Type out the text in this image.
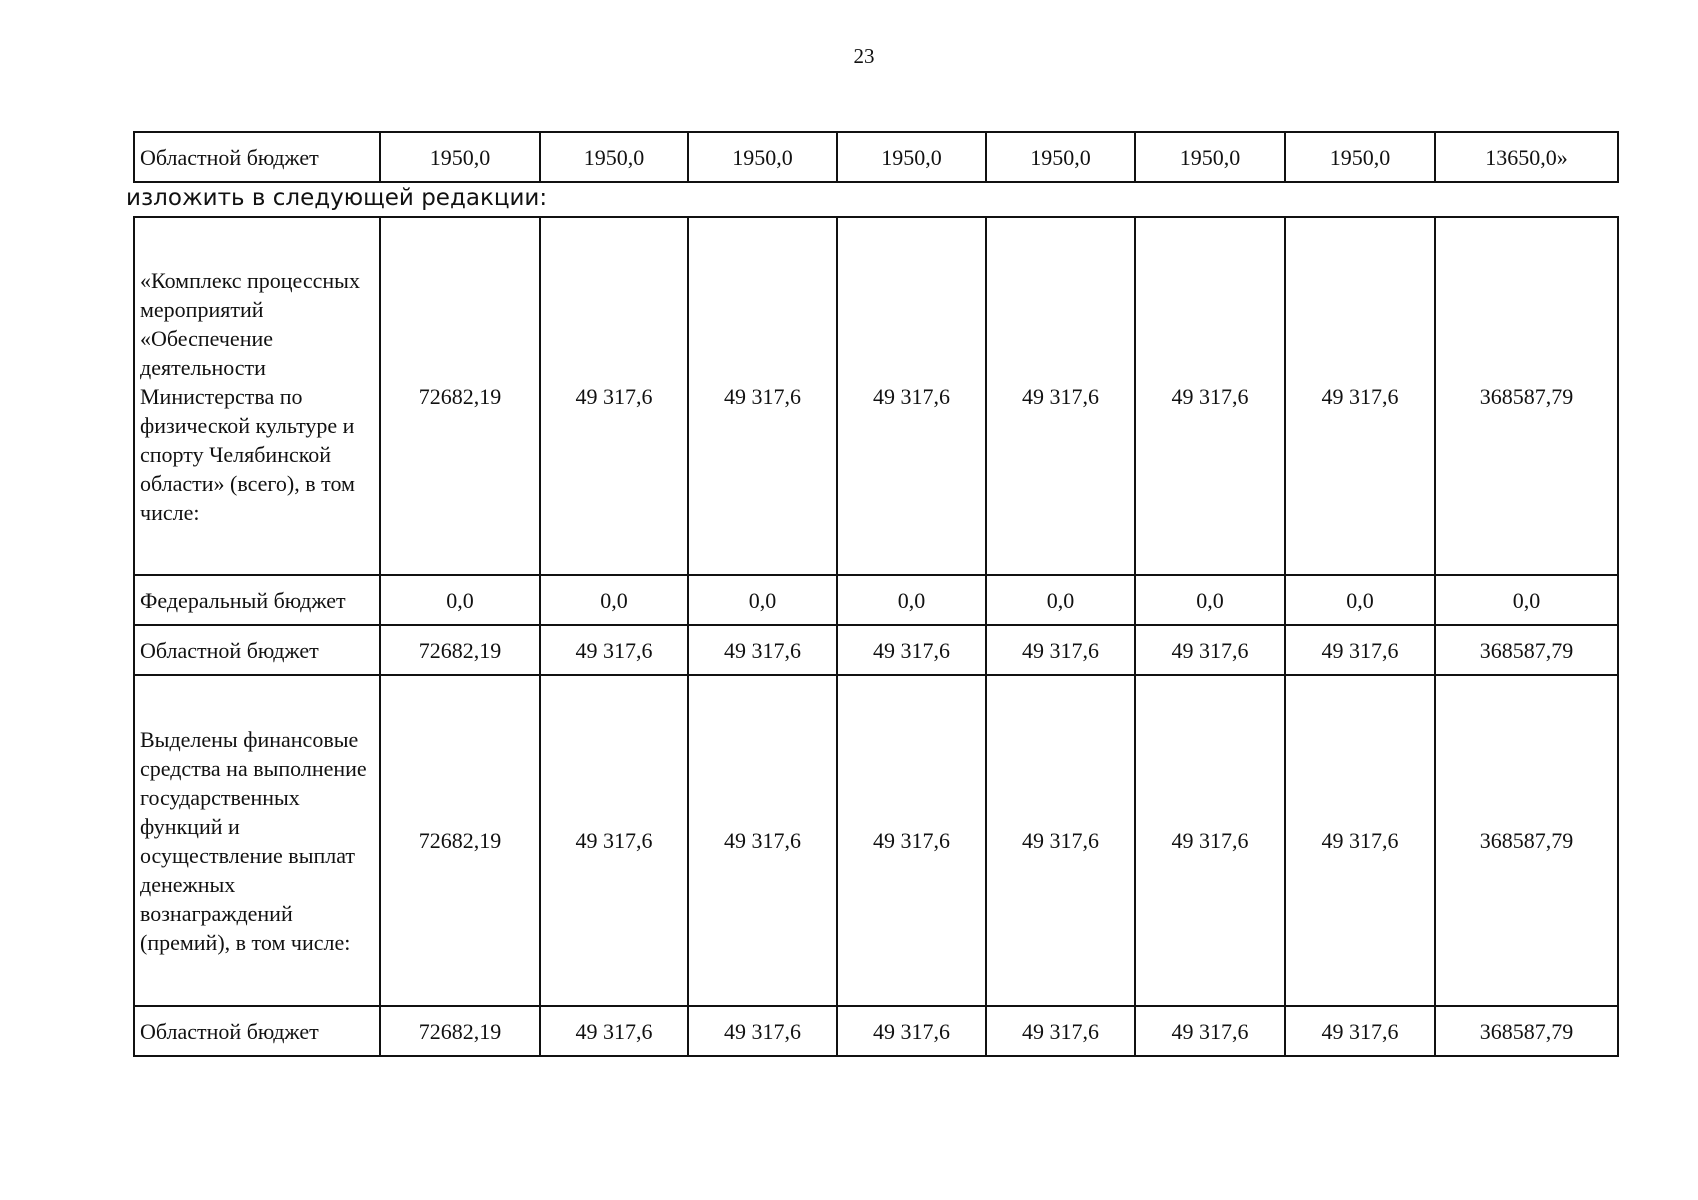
23
Областной бюджет	1950,0	1950,0	1950,0	1950,0	1950,0	1950,0	1950,0	13650,0»
изложить в следующей редакции:
«Комплекс процессных мероприятий «Обеспечение деятельности Министерства по физической культуре и спорту Челябинской области» (всего), в том числе:	72682,19	49 317,6	49 317,6	49 317,6	49 317,6	49 317,6	49 317,6	368587,79
Федеральный бюджет	0,0	0,0	0,0	0,0	0,0	0,0	0,0	0,0
Областной бюджет	72682,19	49 317,6	49 317,6	49 317,6	49 317,6	49 317,6	49 317,6	368587,79
Выделены финансовые средства на выполнение государственных функций и осуществление выплат денежных вознаграждений (премий), в том числе:	72682,19	49 317,6	49 317,6	49 317,6	49 317,6	49 317,6	49 317,6	368587,79
Областной бюджет	72682,19	49 317,6	49 317,6	49 317,6	49 317,6	49 317,6	49 317,6	368587,79
